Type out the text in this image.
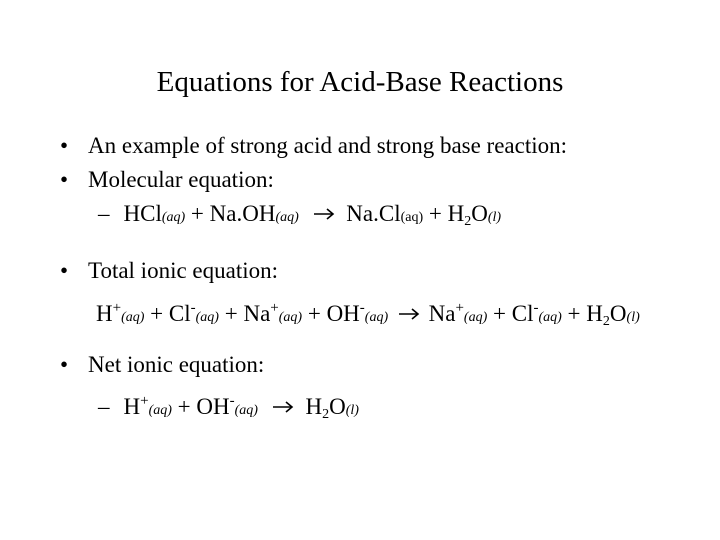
Equations for Acid-Base Reactions
• An example of strong acid and strong base reaction:
• Molecular equation:
– HCl(aq) + Na.OH(aq) Na.Cl(aq) + H2O(l)
• Total ionic equation:
H+(aq) + Cl-(aq) + Na+(aq) + OH-(aq) Na+(aq) + Cl-(aq) + H2O(l)
• Net ionic equation:
– H+(aq) + OH-(aq) H2O(l)
